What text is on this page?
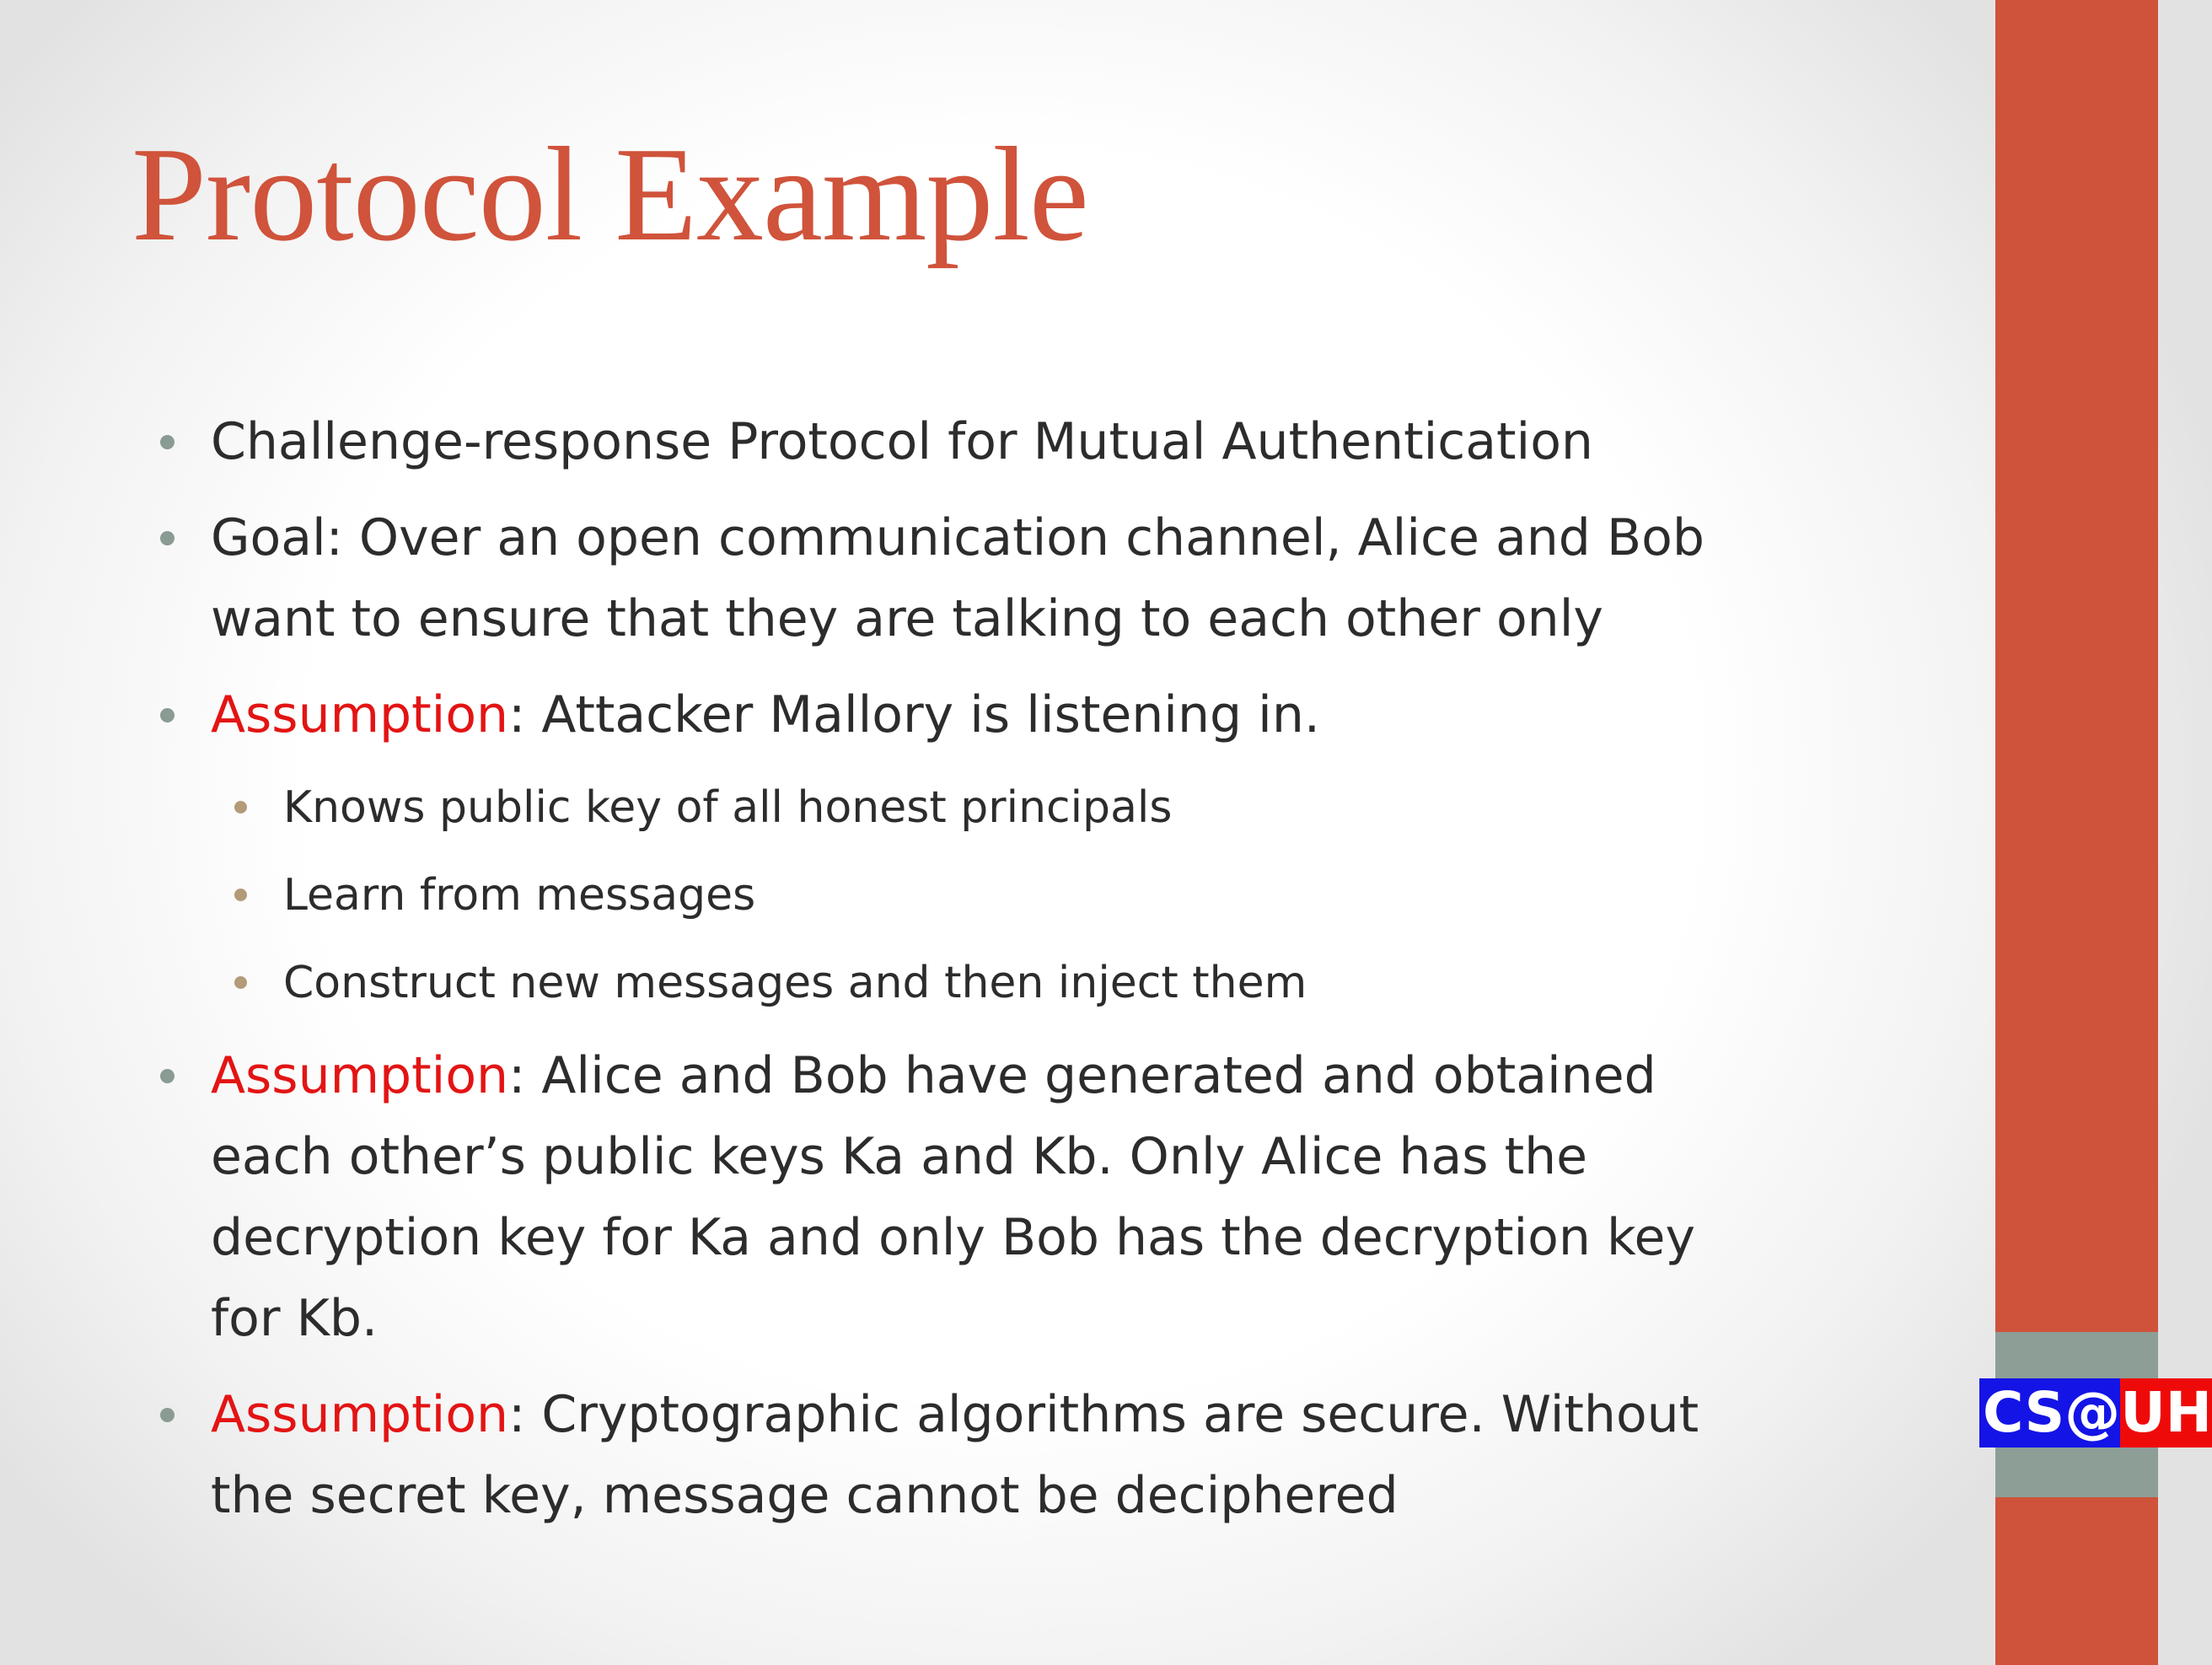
Protocol Example
Challenge-response Protocol for Mutual Authentication
Goal: Over an open communication channel, Alice and Bob
want to ensure that they are talking to each other only
Assumption: Attacker Mallory is listening in.
Knows public key of all honest principals
Learn from messages
Construct new messages and then inject them
Assumption: Alice and Bob have generated and obtained
each other’s public keys Ka and Kb. Only Alice has the
decryption key for Ka and only Bob has the decryption key
for Kb.
Assumption: Cryptographic algorithms are secure. Without
the secret key, message cannot be deciphered
CS@ UH
